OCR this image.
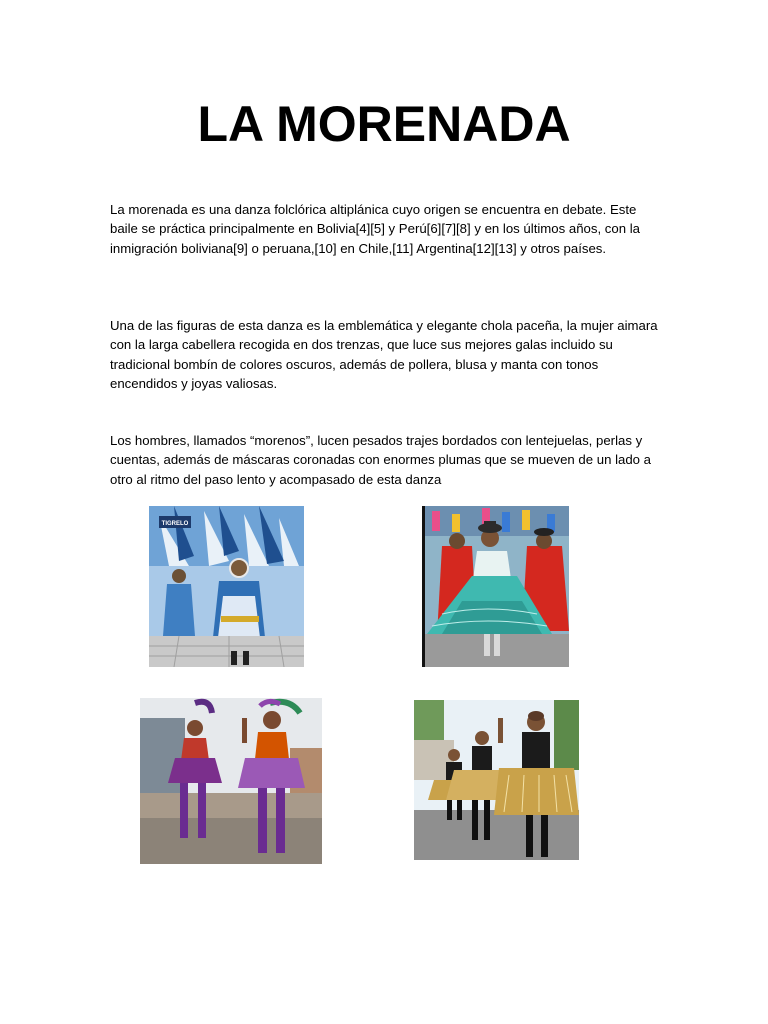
LA MORENADA

La morenada es una danza folclórica altiplánica cuyo origen se encuentra en debate. Este baile se práctica principalmente en Bolivia[4][5] y Perú[6][7][8] y en los últimos años, con la inmigración boliviana[9] o peruana,[10] en Chile,[11] Argentina[12][13] y otros países.

Una de las figuras de esta danza es la emblemática y elegante chola paceña, la mujer aimara con la larga cabellera recogida en dos trenzas, que luce sus mejores galas incluido su tradicional bombín de colores oscuros, además de pollera, blusa y manta con tonos encendidos y joyas valiosas.

Los hombres, llamados “morenos”, lucen pesados trajes bordados con lentejuelas, perlas y cuentas, además de máscaras coronadas con enormes plumas que se mueven de un lado a otro al ritmo del paso lento y acompasado de esta danza

TIGRELO
